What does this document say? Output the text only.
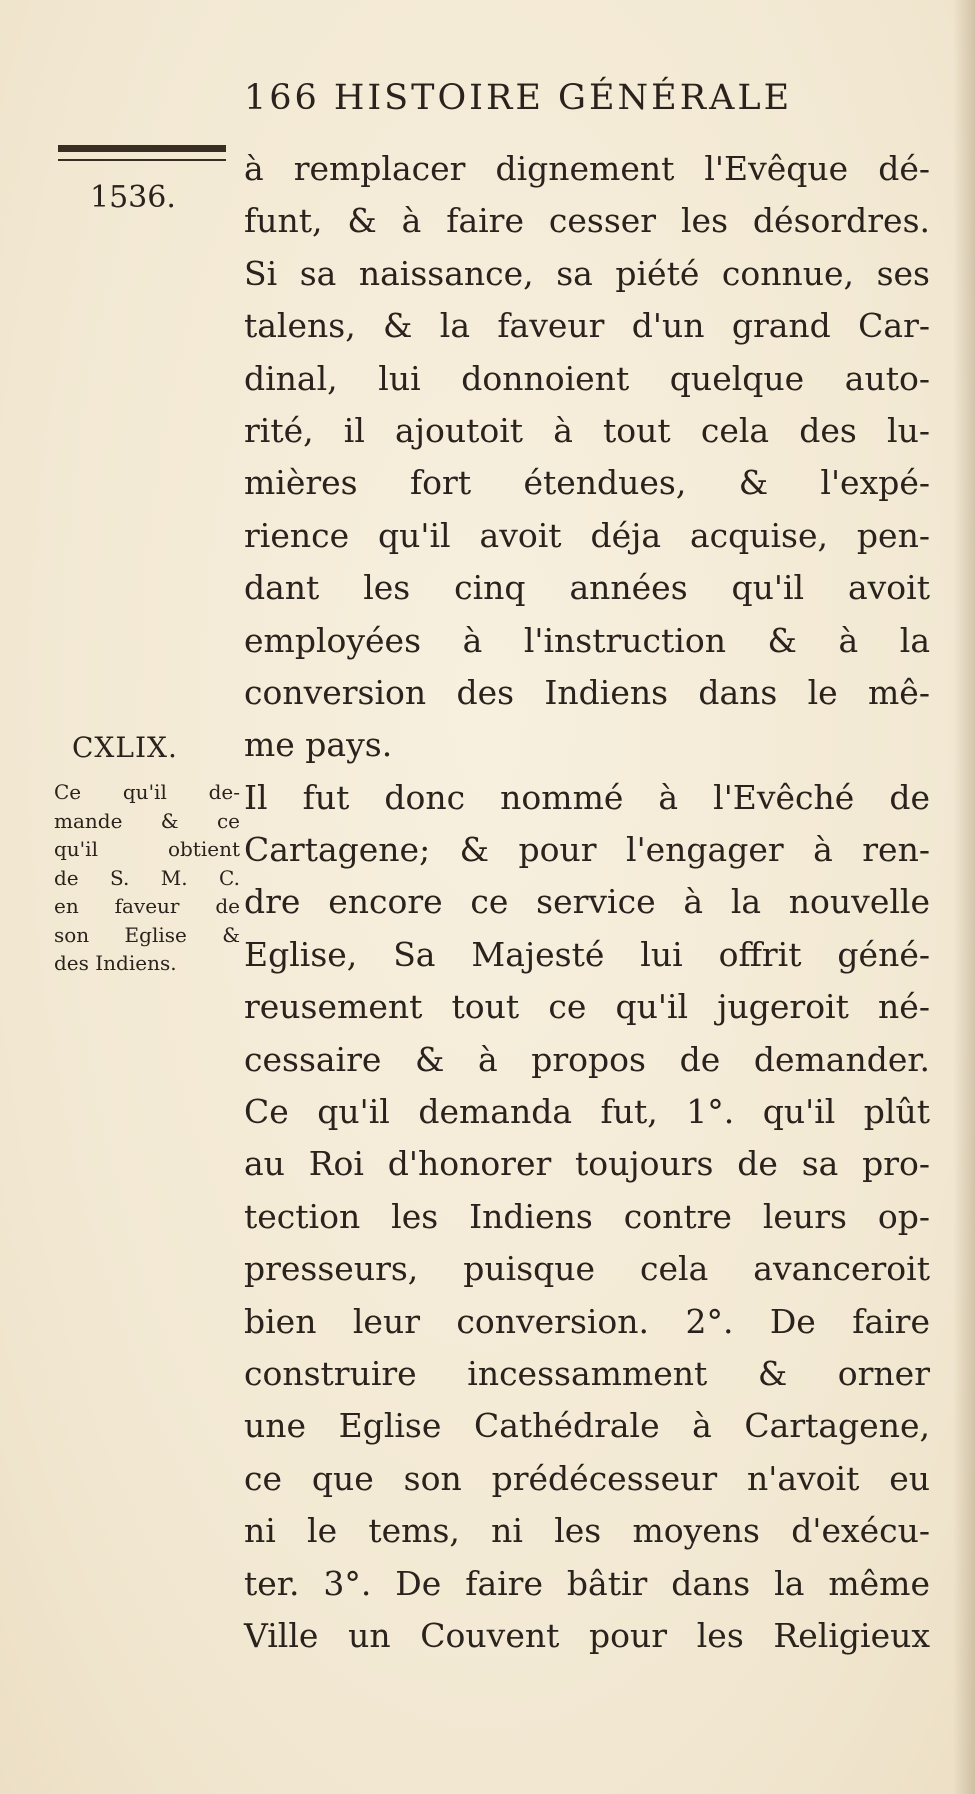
166 HISTOIRE GÉNÉRALE
1536.
CXLIX.
Ce qu'il de-
mande & ce
qu'il obtient
de S. M. C.
en faveur de
son Eglise &
des Indiens.
à remplacer dignement l'Evêque dé-
funt, & à faire cesser les désordres.
Si sa naissance, sa piété connue, ses
talens, & la faveur d'un grand Car-
dinal, lui donnoient quelque auto-
rité, il ajoutoit à tout cela des lu-
mières fort étendues, & l'expé-
rience qu'il avoit déja acquise, pen-
dant les cinq années qu'il avoit
employées à l'instruction & à la
conversion des Indiens dans le mê-
me pays.
Il fut donc nommé à l'Evêché de
Cartagene; & pour l'engager à ren-
dre encore ce service à la nouvelle
Eglise, Sa Majesté lui offrit géné-
reusement tout ce qu'il jugeroit né-
cessaire & à propos de demander.
Ce qu'il demanda fut, 1°. qu'il plût
au Roi d'honorer toujours de sa pro-
tection les Indiens contre leurs op-
presseurs, puisque cela avanceroit
bien leur conversion. 2°. De faire
construire incessamment & orner
une Eglise Cathédrale à Cartagene,
ce que son prédécesseur n'avoit eu
ni le tems, ni les moyens d'exécu-
ter. 3°. De faire bâtir dans la même
Ville un Couvent pour les Religieux
